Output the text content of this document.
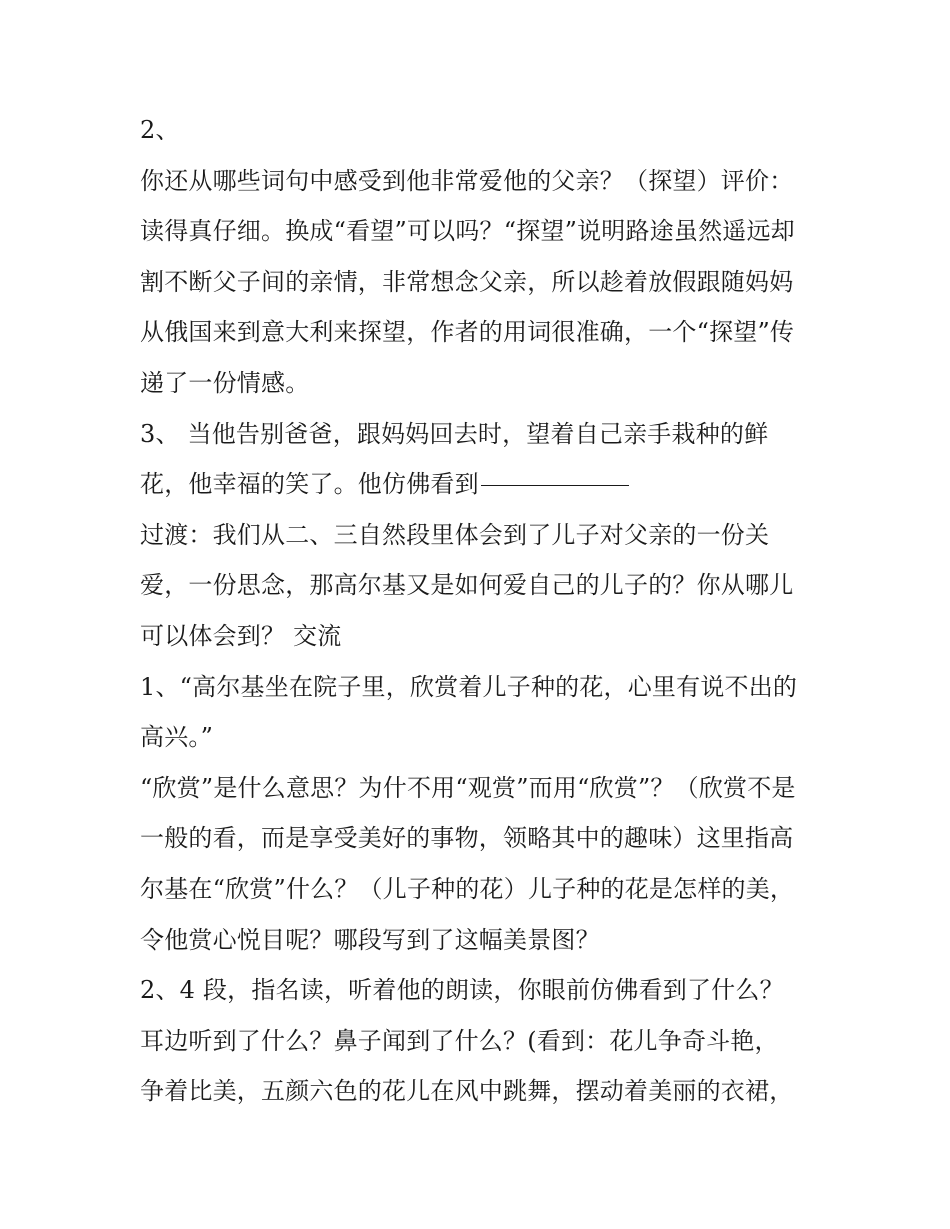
2、
你还从哪些词句中感受到他非常爱他的父亲？（探望）评价：
读得真仔细。换成“看望”可以吗？“探望”说明路途虽然遥远却
割不断父子间的亲情，非常想念父亲，所以趁着放假跟随妈妈
从俄国来到意大利来探望，作者的用词很准确，一个“探望”传
递了一份情感。
3、 当他告别爸爸，跟妈妈回去时，望着自己亲手栽种的鲜
花，他幸福的笑了。他仿佛看到
过渡：我们从二、三自然段里体会到了儿子对父亲的一份关
爱，一份思念，那高尔基又是如何爱自己的儿子的？你从哪儿
可以体会到？ 交流
1、“高尔基坐在院子里，欣赏着儿子种的花，心里有说不出的
高兴。”
“欣赏”是什么意思？为什不用“观赏”而用“欣赏”？（欣赏不是
一般的看，而是享受美好的事物，领略其中的趣味）这里指高
尔基在“欣赏”什么？（儿子种的花）儿子种的花是怎样的美，
令他赏心悦目呢？哪段写到了这幅美景图？
2、4 段，指名读，听着他的朗读，你眼前仿佛看到了什么？
耳边听到了什么？鼻子闻到了什么？(看到：花儿争奇斗艳，
争着比美，五颜六色的花儿在风中跳舞，摆动着美丽的衣裙，
